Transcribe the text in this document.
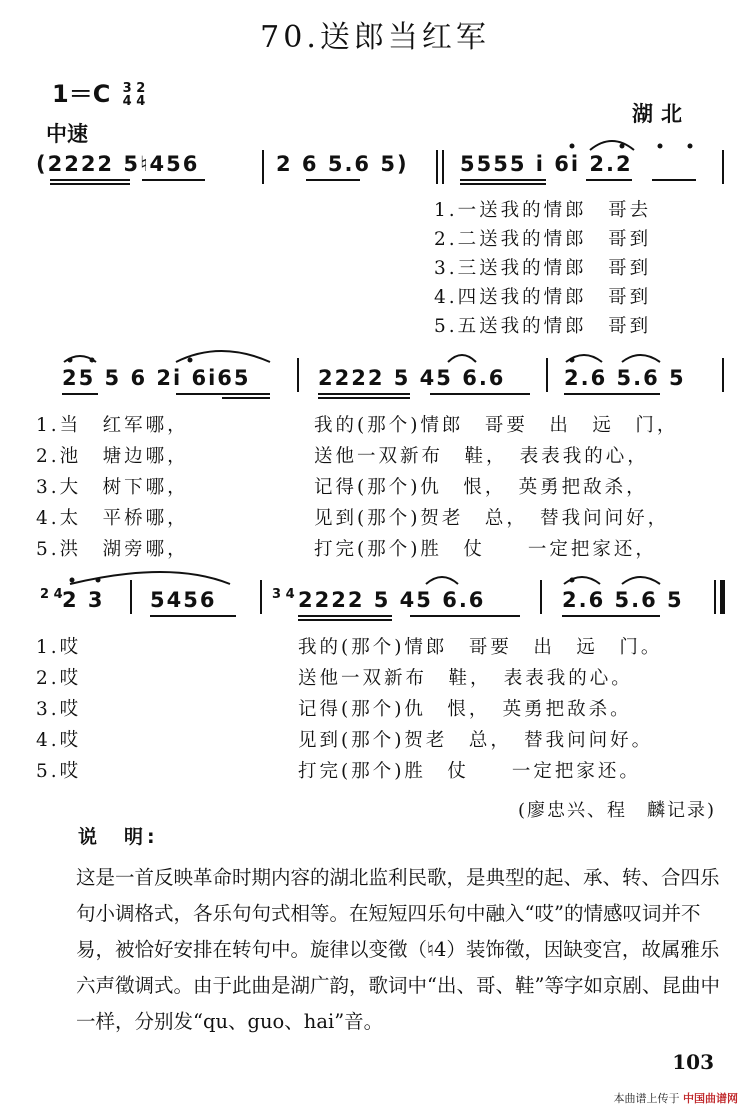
70.送郎当红军
1＝C 3 2
4 4
湖北
中速
(2222 5♮456	2 6 5.6 5) 5555 i 6i 2.2
1.一送我的情郎　哥去
2.二送我的情郎　哥到
3.三送我的情郎　哥到
4.四送我的情郎　哥到
5.五送我的情郎　哥到
25 5 6 2i 6i65	2222 5 45 6.6	2.6 5.6 5
1.当　红军哪，
2.池　塘边哪，
3.大　树下哪，
4.太　平桥哪，
5.洪　湖旁哪，
我的(那个)情郎　哥要　出　远　门，
送他一双新布　鞋，　表表我的心，
记得(那个)仇　恨，　英勇把敌杀，
见到(那个)贺老　总，　替我问问好，
打完(那个)胜　仗　　一定把家还，
2 4 2 3 5456	3 4 2222 5 45 6.6	2.6 5.6 5
1.哎
2.哎
3.哎
4.哎
5.哎
我的(那个)情郎　哥要　出　远　门。
送他一双新布　鞋，　表表我的心。
记得(那个)仇　恨，　英勇把敌杀。
见到(那个)贺老　总，　替我问问好。
打完(那个)胜　仗　　一定把家还。
(廖忠兴、程　麟记录)
说　明:
这是一首反映革命时期内容的湖北监利民歌，是典型的起、承、转、合四乐句小调格式，各乐句句式相等。在短短四乐句中融入“哎”的情感叹词并不易，被恰好安排在转句中。旋律以变徵（♮4）装饰徵，因缺变宫，故属雅乐六声徵调式。由于此曲是湖广韵，歌词中“出、哥、鞋”等字如京剧、昆曲中一样，分别发“qu、guo、hai”音。
103
本曲谱上传于 中国曲谱网
